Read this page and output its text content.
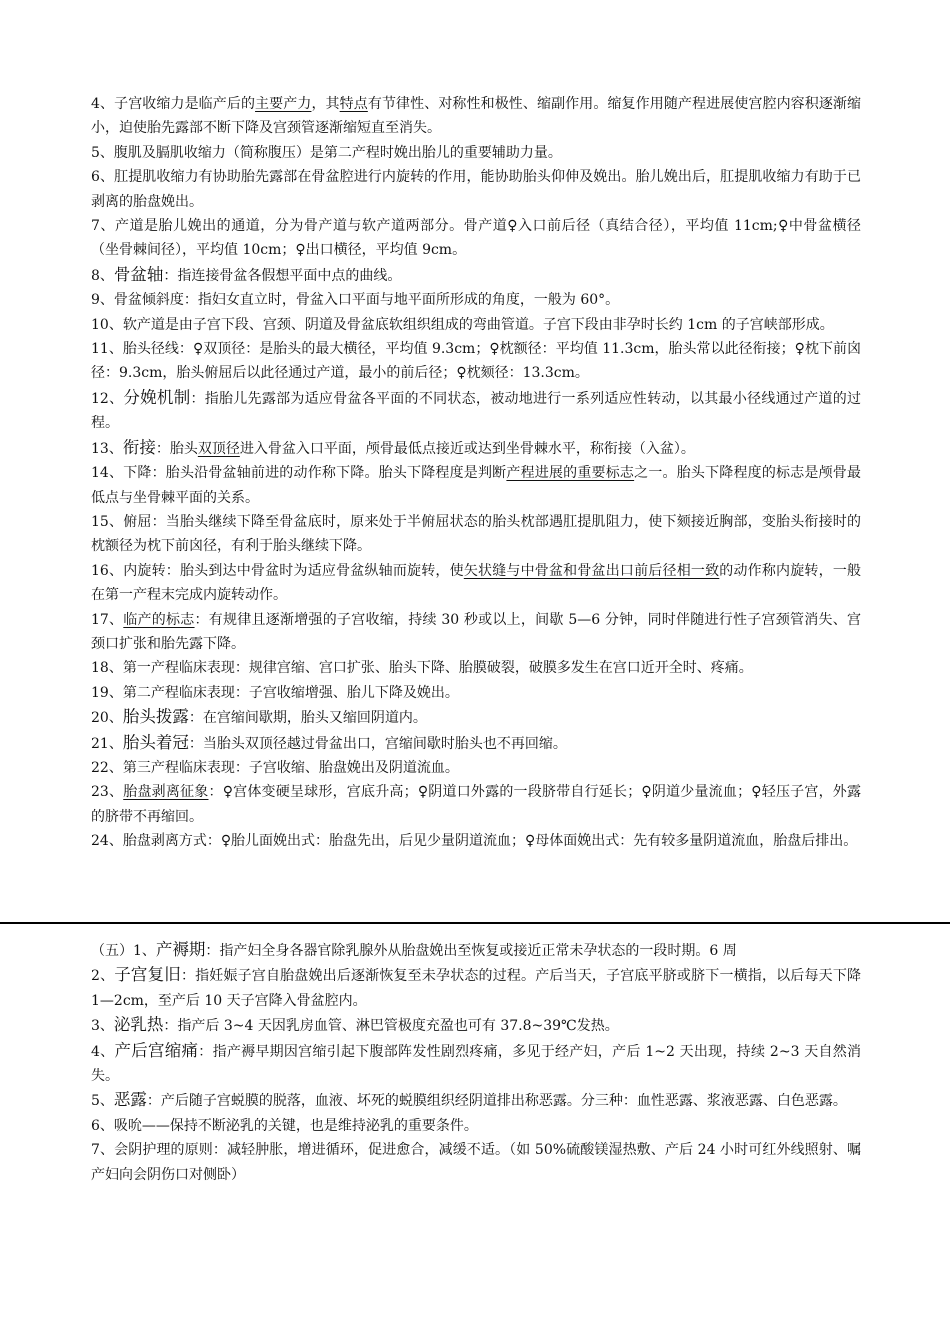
4、子宫收缩力是临产后的主要产力，其特点有节律性、对称性和极性、缩副作用。缩复作用随产程进展使宫腔内容积逐渐缩小，迫使胎先露部不断下降及宫颈管逐渐缩短直至消失。

5、腹肌及膈肌收缩力（简称腹压）是第二产程时娩出胎儿的重要辅助力量。

6、肛提肌收缩力有协助胎先露部在骨盆腔进行内旋转的作用，能协助胎头仰伸及娩出。胎儿娩出后，肛提肌收缩力有助于已剥离的胎盘娩出。

7、产道是胎儿娩出的通道，分为骨产道与软产道两部分。骨产道♀入口前后径（真结合径），平均值 11cm;♀中骨盆横径（坐骨棘间径），平均值 10cm；♀出口横径，平均值 9cm。

8、骨盆轴：指连接骨盆各假想平面中点的曲线。

9、骨盆倾斜度：指妇女直立时，骨盆入口平面与地平面所形成的角度，一般为 60°。

10、软产道是由子宫下段、宫颈、阴道及骨盆底软组织组成的弯曲管道。子宫下段由非孕时长约 1cm 的子宫峡部形成。

11、胎头径线：♀双顶径：是胎头的最大横径，平均值 9.3cm；♀枕额径：平均值 11.3cm，胎头常以此径衔接；♀枕下前囟径：9.3cm，胎头俯屈后以此径通过产道，最小的前后径；♀枕颏径：13.3cm。

12、分娩机制：指胎儿先露部为适应骨盆各平面的不同状态，被动地进行一系列适应性转动，以其最小径线通过产道的过程。

13、衔接：胎头双顶径进入骨盆入口平面，颅骨最低点接近或达到坐骨棘水平，称衔接（入盆）。

14、下降：胎头沿骨盆轴前进的动作称下降。胎头下降程度是判断产程进展的重要标志之一。胎头下降程度的标志是颅骨最低点与坐骨棘平面的关系。

15、俯屈：当胎头继续下降至骨盆底时，原来处于半俯屈状态的胎头枕部遇肛提肌阻力，使下颏接近胸部，变胎头衔接时的枕额径为枕下前囟径，有利于胎头继续下降。

16、内旋转：胎头到达中骨盆时为适应骨盆纵轴而旋转，使矢状缝与中骨盆和骨盆出口前后径相一致的动作称内旋转，一般在第一产程末完成内旋转动作。

17、临产的标志：有规律且逐渐增强的子宫收缩，持续 30 秒或以上，间歇 5—6 分钟，同时伴随进行性子宫颈管消失、宫颈口扩张和胎先露下降。

18、第一产程临床表现：规律宫缩、宫口扩张、胎头下降、胎膜破裂，破膜多发生在宫口近开全时、疼痛。

19、第二产程临床表现：子宫收缩增强、胎儿下降及娩出。

20、胎头拨露：在宫缩间歇期，胎头又缩回阴道内。

21、胎头着冠：当胎头双顶径越过骨盆出口，宫缩间歇时胎头也不再回缩。

22、第三产程临床表现：子宫收缩、胎盘娩出及阴道流血。

23、胎盘剥离征象：♀宫体变硬呈球形，宫底升高；♀阴道口外露的一段脐带自行延长；♀阴道少量流血；♀轻压子宫，外露的脐带不再缩回。

24、胎盘剥离方式：♀胎儿面娩出式：胎盘先出，后见少量阴道流血；♀母体面娩出式：先有较多量阴道流血，胎盘后排出。

（五）1、产褥期：指产妇全身各器官除乳腺外从胎盘娩出至恢复或接近正常未孕状态的一段时期。6 周

2、子宫复旧：指妊娠子宫自胎盘娩出后逐渐恢复至未孕状态的过程。产后当天，子宫底平脐或脐下一横指，以后每天下降 1—2cm，至产后 10 天子宫降入骨盆腔内。

3、泌乳热：指产后 3~4 天因乳房血管、淋巴管极度充盈也可有 37.8~39℃发热。

4、产后宫缩痛：指产褥早期因宫缩引起下腹部阵发性剧烈疼痛，多见于经产妇，产后 1~2 天出现，持续 2~3 天自然消失。

5、恶露：产后随子宫蜕膜的脱落，血液、坏死的蜕膜组织经阴道排出称恶露。分三种：血性恶露、浆液恶露、白色恶露。

6、吸吮——保持不断泌乳的关键，也是维持泌乳的重要条件。

7、会阴护理的原则：减轻肿胀，增进循环，促进愈合，减缓不适。（如 50%硫酸镁湿热敷、产后 24 小时可红外线照射、嘱产妇向会阴伤口对侧卧）
